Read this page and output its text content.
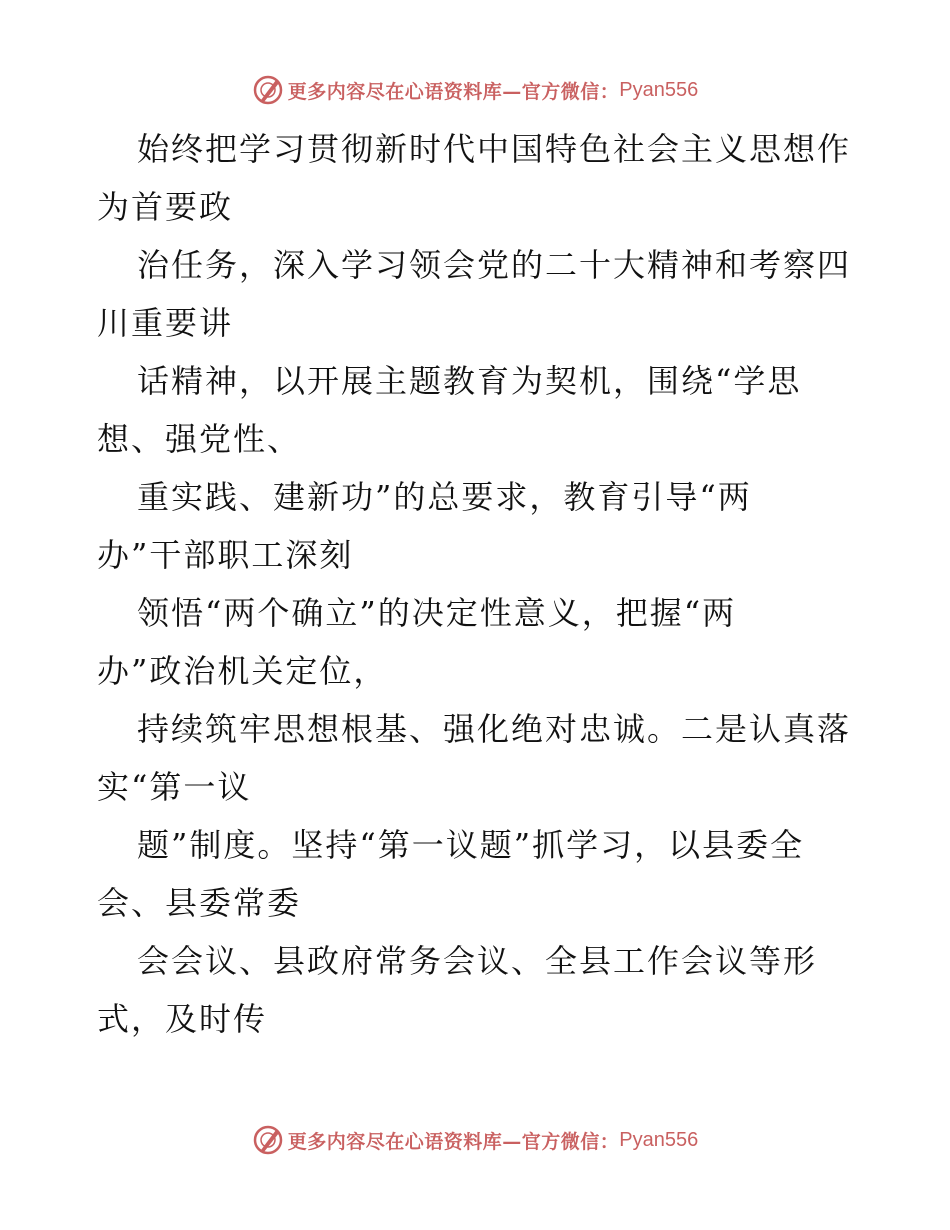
更多内容尽在心语资料库—官方微信： Pyan556
始终把学习贯彻新时代中国特色社会主义思想作
为首要政
治任务，深入学习领会党的二十大精神和考察四
川重要讲
话精神，以开展主题教育为契机，围绕“学思
想、强党性、
重实践、建新功”的总要求，教育引导“两
办”干部职工深刻
领悟“两个确立”的决定性意义，把握“两
办”政治机关定位，
持续筑牢思想根基、强化绝对忠诚。二是认真落
实“第一议
题”制度。坚持“第一议题”抓学习，以县委全
会、县委常委
会会议、县政府常务会议、全县工作会议等形
式，及时传
更多内容尽在心语资料库—官方微信： Pyan556
